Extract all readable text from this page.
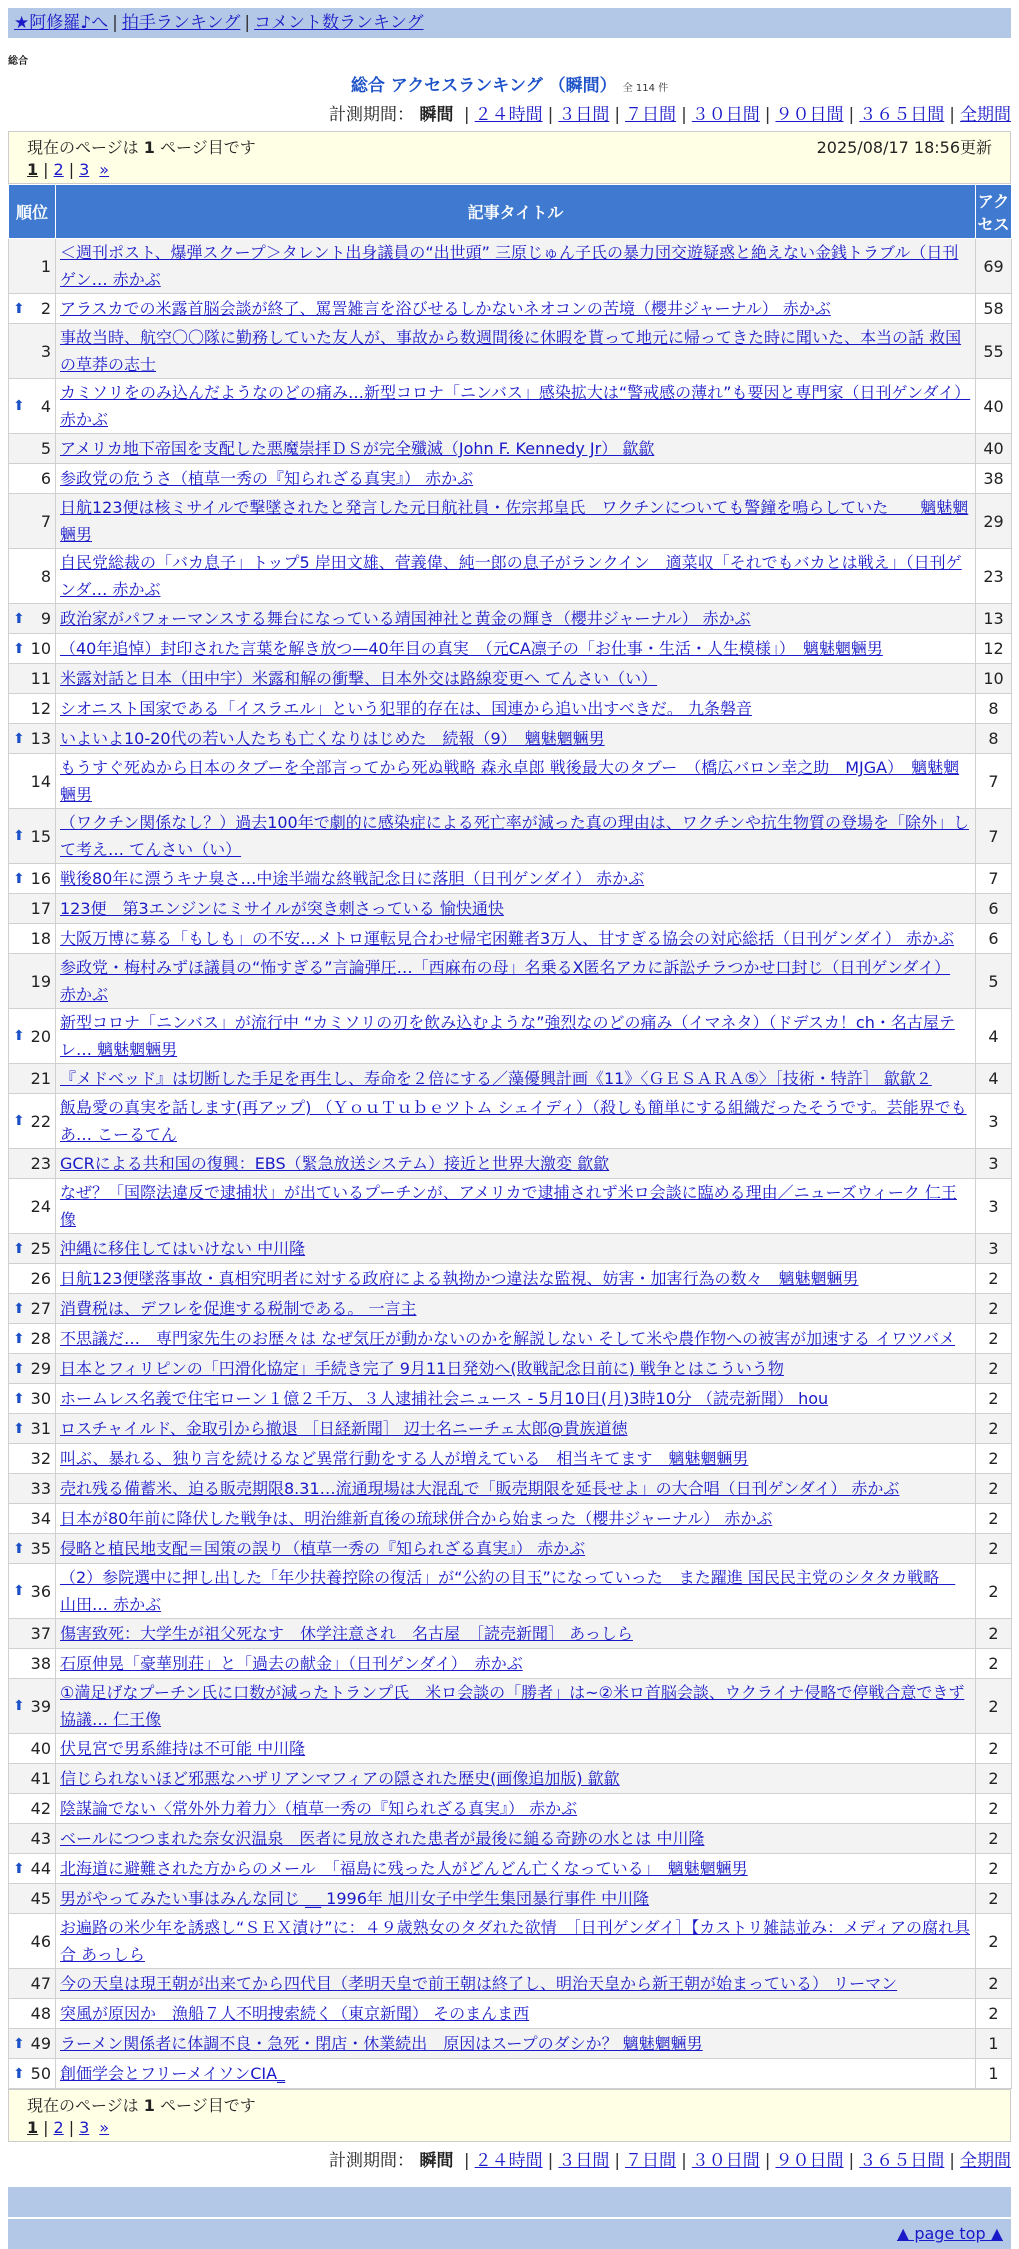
★阿修羅♪へ | 拍手ランキング | コメント数ランキング
総合
総合 アクセスランキング （瞬間） 全 114 件
計測期間： 瞬間 | ２４時間 | ３日間 | ７日間 | ３０日間 | ９０日間 | ３６５日間 | 全期間
現在のページは 1 ページ目です	2025/08/17 18:56更新
1 | 2 | 3 »
順位	記事タイトル	アクセス
1	＜週刊ポスト、爆弾スクープ＞タレント出身議員の“出世頭” 三原じゅん子氏の暴力団交遊疑惑と絶えない金銭トラブル（日刊ゲン… 赤かぶ	69

⬆ 2	アラスカでの米露首脳会談が終了、罵詈雑言を浴びせるしかないネオコンの苦境（櫻井ジャーナル） 赤かぶ	58
3	事故当時、航空〇〇隊に勤務していた友人が、事故から数週間後に休暇を貰って地元に帰ってきた時に聞いた、本当の話 救国の草莽の志士	55

⬆ 4	カミソリをのみ込んだようなのどの痛み…新型コロナ「ニンバス」感染拡大は“警戒感の薄れ”も要因と専門家（日刊ゲンダイ） 赤かぶ	40
5	アメリカ地下帝国を支配した悪魔崇拝ＤＳが完全殲滅（John F. Kennedy Jr） 歙歙	40
6	参政党の危うさ（植草一秀の『知られざる真実』） 赤かぶ	38
7	日航123便は核ミサイルで撃墜されたと発言した元日航社員・佐宗邦皇氏　ワクチンについても警鐘を鳴らしていた　　魑魅魍魎男	29
8	自民党総裁の「バカ息子」トップ5 岸田文雄、菅義偉、純一郎の息子がランクイン　適菜収「それでもバカとは戦え」（日刊ゲンダ… 赤かぶ	23

⬆ 9	政治家がパフォーマンスする舞台になっている靖国神社と黄金の輝き（櫻井ジャーナル） 赤かぶ	13

⬆ 10	（40年追悼）封印された言葉を解き放つ—40年目の真実　（元CA凛子の「お仕事・生活・人生模様」）　魑魅魍魎男	12
11	米露対話と日本（田中宇）米露和解の衝撃、日本外交は路線変更へ てんさい（い）	10
12	シオニスト国家である「イスラエル」という犯罪的存在は、国連から追い出すべきだ。 九条磐音	8

⬆ 13	いよいよ10-20代の若い人たちも亡くなりはじめた　続報（9）　魑魅魍魎男	8
14	もうすぐ死ぬから日本のタブーを全部言ってから死ぬ戦略 森永卓郎 戦後最大のタブー　（橋広バロン幸之助　MJGA）　魑魅魍魎男	7

⬆ 15	（ワクチン関係なし？）過去100年で劇的に感染症による死亡率が減った真の理由は、ワクチンや抗生物質の登場を「除外」して考え… てんさい（い）	7

⬆ 16	戦後80年に漂うキナ臭さ…中途半端な終戦記念日に落胆（日刊ゲンダイ） 赤かぶ	7
17	123便　第3エンジンにミサイルが突き刺さっている 愉快通快	6
18	大阪万博に募る「もしも」の不安…メトロ運転見合わせ帰宅困難者3万人、甘すぎる協会の対応総括（日刊ゲンダイ） 赤かぶ	6
19	参政党・梅村みずほ議員の“怖すぎる”言論弾圧…「西麻布の母」名乗るX匿名アカに訴訟チラつかせ口封じ（日刊ゲンダイ） 赤かぶ	5

⬆ 20	新型コロナ「ニンバス」が流行中 “カミソリの刃を飲み込むような”強烈なのどの痛み（イマネタ）（ドデスカ！ch・名古屋テレ… 魑魅魍魎男	4
21	『メドベッド』は切断した手足を再生し、寿命を２倍にする／藻優興計画《11》〈ＧＥＳＡＲＡ⑤〉［技術・特許］ 歙歙２	4

⬆ 22	飯島愛の真実を話します(再アップ) （ＹｏｕＴｕｂｅツトム シェイディ）（殺しも簡単にする組織だったそうです。芸能界でもあ… こーるてん	3
23	GCRによる共和国の復興：EBS（緊急放送システム）接近と世界大激変 歙歙	3
24	なぜ？「国際法違反で逮捕状」が出ているプーチンが、アメリカで逮捕されず米ロ会談に臨める理由／ニューズウィーク 仁王像	3

⬆ 25	沖縄に移住してはいけない 中川隆	3
26	日航123便墜落事故・真相究明者に対する政府による執拗かつ違法な監視、妨害・加害行為の数々　魑魅魍魎男	2

⬆ 27	消費税は、デフレを促進する税制である。 一言主	2

⬆ 28	不思議だ…　専門家先生のお歴々は なぜ気圧が動かないのかを解説しない そして米や農作物への被害が加速する イワツバメ	2

⬆ 29	日本とフィリピンの「円滑化協定」手続き完了 9月11日発効へ(敗戦記念日前に) 戦争とはこういう物	2

⬆ 30	ホームレス名義で住宅ローン１億２千万、３人逮捕社会ニュース - 5月10日(月)3時10分 （読売新聞） hou	2

⬆ 31	ロスチャイルド、金取引から撤退 ［日経新聞］ 辺士名ニーチェ太郎@貴族道徳	2
32	叫ぶ、暴れる、独り言を続けるなど異常行動をする人が増えている　相当キてます　魑魅魍魎男	2
33	売れ残る備蓄米、迫る販売期限8.31…流通現場は大混乱で「販売期限を延長せよ」の大合唱（日刊ゲンダイ） 赤かぶ	2
34	日本が80年前に降伏した戦争は、明治維新直後の琉球併合から始まった（櫻井ジャーナル） 赤かぶ	2

⬆ 35	侵略と植民地支配＝国策の誤り（植草一秀の『知られざる真実』） 赤かぶ	2

⬆ 36	（2）参院選中に押し出した「年少扶養控除の復活」が“公約の目玉”になっていった　また躍進 国民民主党のシタタカ戦略　山田… 赤かぶ	2
37	傷害致死：大学生が祖父死なす　休学注意され　名古屋　［読売新聞］ あっしら	2
38	石原伸晃「豪華別荘」と「過去の献金」（日刊ゲンダイ）　赤かぶ	2

⬆ 39	①満足げなプーチン氏に口数が減ったトランプ氏　米ロ会談の「勝者」は~②米ロ首脳会談、ウクライナ侵略で停戦合意できず協議… 仁王像	2
40	伏見宮で男系維持は不可能 中川隆	2
41	信じられないほど邪悪なハザリアンマフィアの隠された歴史(画像追加版) 歙歙	2
42	陰謀論でない〈常外外力着力〉（植草一秀の『知られざる真実』） 赤かぶ	2
43	ベールにつつまれた奈女沢温泉　医者に見放された患者が最後に縋る奇跡の水とは 中川隆	2

⬆ 44	北海道に避難された方からのメール　「福島に残った人がどんどん亡くなっている」　魑魅魍魎男	2
45	男がやってみたい事はみんな同じ __ 1996年 旭川女子中学生集団暴行事件 中川隆	2
46	お遍路の米少年を誘惑し“ＳＥＸ漬け”に：４９歳熟女のタダれた欲情　［日刊ゲンダイ］【カストリ雑誌並み：メディアの腐れ具合 あっしら	2
47	今の天皇は現王朝が出来てから四代目（孝明天皇で前王朝は終了し、明治天皇から新王朝が始まっている） リーマン	2
48	突風が原因か　漁船７人不明捜索続く（東京新聞） そのまんま西	2

⬆ 49	ラーメン関係者に体調不良・急死・閉店・休業続出　原因はスープのダシか？ 魑魅魍魎男	1

⬆ 50	創価学会とフリーメイソンCIA_	1
現在のページは 1 ページ目です
1 | 2 | 3 »
計測期間： 瞬間 | ２４時間 | ３日間 | ７日間 | ３０日間 | ９０日間 | ３６５日間 | 全期間
▲ page top ▲
